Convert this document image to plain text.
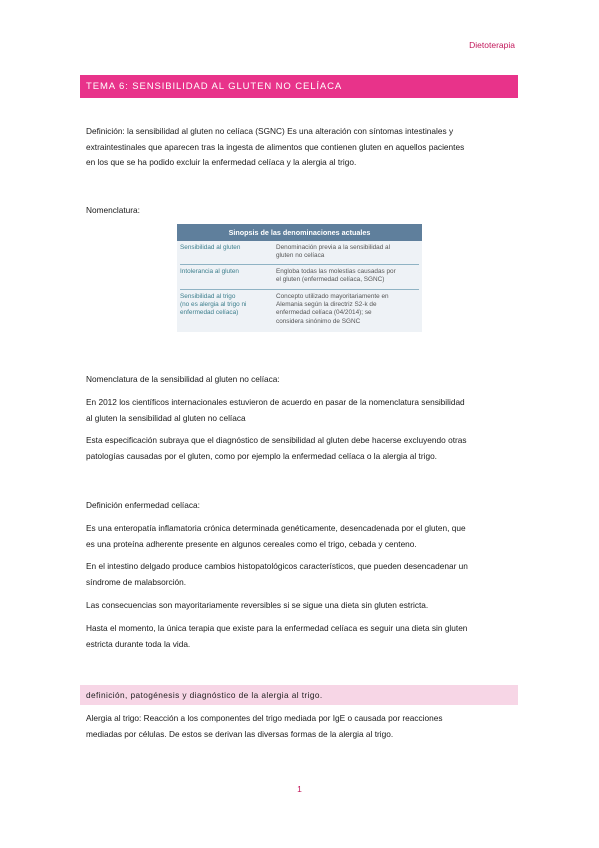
Dietoterapia
TEMA 6: SENSIBILIDAD AL GLUTEN NO CELÍACA
Definición: la sensibilidad al gluten no celíaca (SGNC) Es una alteración con síntomas intestinales y
extraintestinales que aparecen tras la ingesta de alimentos que contienen gluten en aquellos pacientes
en los que se ha podido excluir la enfermedad celíaca y la alergia al trigo.
Nomenclatura:
Sinopsis de las denominaciones actuales
Sensibilidad al gluten	Denominación previa a la sensibilidad al
gluten no celíaca
Intolerancia al gluten	Engloba todas las molestias causadas por
el gluten (enfermedad celíaca, SGNC)
Sensibilidad al trigo
(no es alergia al trigo ni
enfermedad celíaca)
Concepto utilizado mayoritariamente en
Alemania según la directriz S2-k de
enfermedad celíaca (04/2014); se
considera sinónimo de SGNC
Nomenclatura de la sensibilidad al gluten no celíaca:
En 2012 los científicos internacionales estuvieron de acuerdo en pasar de la nomenclatura sensibilidad
al gluten la sensibilidad al gluten no celíaca
Esta especificación subraya que el diagnóstico de sensibilidad al gluten debe hacerse excluyendo otras
patologías causadas por el gluten, como por ejemplo la enfermedad celíaca o la alergia al trigo.
Definición enfermedad celíaca:
Es una enteropatía inflamatoria crónica determinada genéticamente, desencadenada por el gluten, que
es una proteína adherente presente en algunos cereales como el trigo, cebada y centeno.
En el intestino delgado produce cambios histopatológicos característicos, que pueden desencadenar un
síndrome de malabsorción.
Las consecuencias son mayoritariamente reversibles si se sigue una dieta sin gluten estricta.
Hasta el momento, la única terapia que existe para la enfermedad celíaca es seguir una dieta sin gluten
estricta durante toda la vida.
definición, patogénesis y diagnóstico de la alergia al trigo.
Alergia al trigo: Reacción a los componentes del trigo mediada por IgE o causada por reacciones
mediadas por células. De estos se derivan las diversas formas de la alergia al trigo.
1
